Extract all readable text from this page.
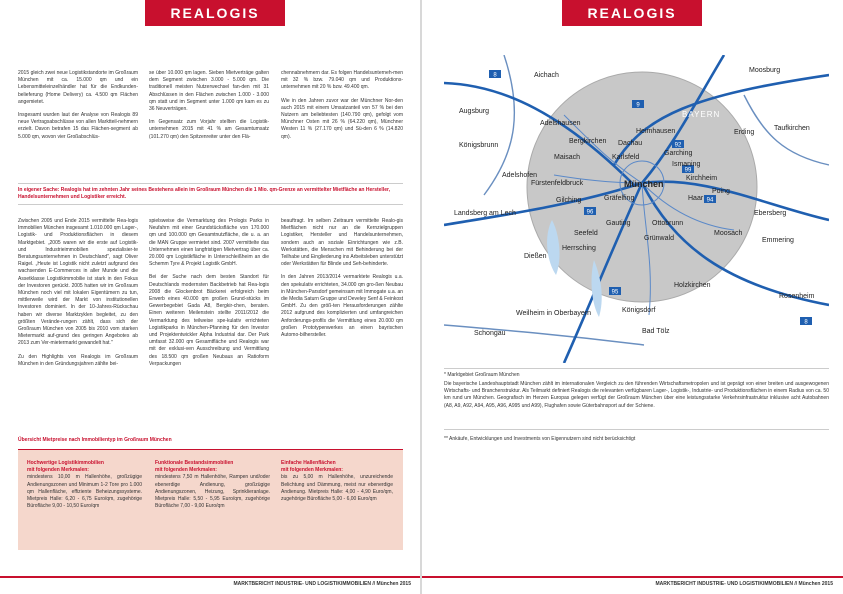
REALOGIS

2015 gleich zwei neue Logistikstandorte im Großraum München mit ca. 15.000 qm und ein Lebensmitteleinzelhändler hat für die Endkunden-belieferung (Home Delivery) ca. 4.500 qm Flächen angemietet.

Insgesamt wurden laut der Analyse von Realogis 89 neue Vertragsabschlüsse von allen Marktteil-nehmern erzielt. Davon betrafen 15 das Flächen-segment ab 5.000 qm, wovon vier Großabschlüs-

se über 10.000 qm lagen. Sieben Mietverträge galten dem Segment zwischen 3.000 - 5.000 qm. Die traditionell meisten Nutzerwechsel fan-den mit 31 Abschlüssen in den Flächen zwischen 1.000 - 3.000 qm statt und im Segment unter 1.000 qm kam es zu 36 Neuverträgen.

Im Gegensatz zum Vorjahr stellten die Logistik-unternehmen 2015 mit 41 % am Gesamtumsatz (101.270 qm) den Spitzenreiter unter den Flä-

chennabnehmern dar. Es folgen Handelsunterneh-men mit 32 % bzw. 79.040 qm und Produktions-unternehmen mit 20 % bzw. 49.400 qm.

Wie in den Jahren zuvor war der Münchner Nor-den auch 2015 mit einem Umsatzanteil von 57 % bei den Nutzern am beliebtesten (140.790 qm), gefolgt vom Münchner Osten mit 26 % (64.220 qm), Münchner Westen 11 % (27.170 qm) und Sü-den 6 % (14.820 qm).

In eigener Sache: Realogis hat im zehnten Jahr seines Bestehens allein im Großraum München die 1 Mio. qm-Grenze an vermittelter Mietfläche an Hersteller, Handelsunternehmen und Logistiker erreicht.

Zwischen 2005 und Ende 2015 vermittelte Rea-logis Immobilien München insgesamt 1.010.000 qm Lager-, Logistik- und Produktionsflächen in diesem Marktgebiet. „2005 waren wir die erste auf Logistik- und Industrieimmobilien spezialisier-te Beratungsunternehmen in Deutschland", sagt Oliver Raigel. „Heute ist Logistik nicht zuletzt aufgrund des wachsenden E-Commerces in aller Munde und die Assetklasse Logistikimmobilie ist stark in den Fokus der Investoren gerückt. 2005 hatten wir im Großraum München noch viel mit lokalen Eigentümern zu tun, mittlerweile wird der Markt von institutionellen Investoren dominiert. In der 10-Jahres-Rückschau haben wir diverse Marktzyklen begleitet, zu den größten Verände-rungen zählt, dass sich der Großraum München von 2005 bis 2010 vom starken Mietermarkt auf-grund des geringen Angebotes ab 2013 zum Ver-mietermarkt gewandelt hat."

Zu den Highlights von Realogis im Großraum München in den Gründungsjahren zählte bei-

spielsweise die Vermarktung des Prologis Parks in Neufahrn mit einer Grundstücksfläche von 170.000 qm und 100.000 qm Gesamtnutzfläche, die u. a. an die MAN Gruppe vermietet sind. 2007 vermittelte das Unternehmen einen langfristigen Mietvertrag über ca. 20.000 qm Logistikfläche in Unterschleißheim an die Schemm Tyre & Projekt Logistik GmbH.

Bei der Suche nach dem besten Standort für Deutschlands modernsten Backbetrieb hat Rea-logis 2008 die Glockenbrot Bäckerei erfolgreich beim Erwerb eines 40.000 qm großen Grund-stücks im Gewerbegebiet Gada A8, Bergkir-chen, beraten. Einen weiteren Meilenstein stellte 2011/2012 die Vermarktung des teilweise spe-kulativ errichteten Logistikparks in München-Pfanning für den Investor und Projektentwickler Alpha Industrial dar. Der Park umfasst 32.000 qm Gesamtfläche und Realogis war mit der exklusi-ven Ausschreibung und Vermittlung des 18.500 qm großen Neubaus an Ratioform Verpackungen

beauftragt. Im selben Zeitraum vermittelte Realo-gis Mietflächen nicht nur an die Kernzielgruppen Logistiker, Hersteller und Handelsunternehmen, sondern auch an soziale Einrichtungen wie z.B. Werkstätten, die Menschen mit Behinderung bei der Teilhabe und Eingliederung ins Arbeitsleben unterstützt oder Werkstätten für Blinde und Seh-behinderte.

In den Jahren 2013/2014 vermarktete Realogis u.a. den spekulativ errichteten, 34.000 qm gro-ßen Neubau in München-Parsdorf gemeinsam mit Immogate u.a. an die Media Saturn Gruppe und Develey Senf & Feinkost GmbH. Zu den größ-ten Herausforderungen zählte 2012 aufgrund des komplizierten und umfangreichen Anforderungs-profils die Vermittlung eines 20.000 qm großen Prototypenwerkes an einen bayrischen Automo-bilhersteller.

Übersicht Mietpreise nach Immobilientyp im Großraum München
Hochwertige Logistikimmobilien
mit folgenden Merkmalen:
mindestens 10,00 m Hallenhöhe, großzügige Andienungszonen und Minimum 1-2 Tore pro 1.000 qm Hallenfläche, effiziente Beheizungssysteme. Mietpreis Halle: 6,20 - 6,75 Euro/qm, zugehörige Bürofläche 9,00 - 10,50 Euro/qm
Funktionale Bestandsimmobilien
mit folgenden Merkmalen:
mindestens 7,50 m Hallenhöhe, Rampen und/oder ebenerdige Andienung, großzügige Andienungszonen, Heizung, Sprinklieranlage. Mietpreis Halle: 5,50 - 5,95 Euro/qm, zugehörige Bürofläche 7,00 - 9,00 Euro/qm
Einfache Hallenflächen
mit folgenden Merkmalen:
bis zu 5,00 m Hallenhöhe, unzureichende Belichtung und Dämmung, meist nur ebenerdige Andienung. Mietpreis Halle: 4,00 - 4,90 Euro/qm, zugehörige Bürofläche 5,00 - 6,00 Euro/qm
MARKTBERICHT INDUSTRIE- UND LOGISTIKIMMOBILIEN // München 2015
REALOGIS
9
92
99
94
96
95
8
8	Aichach
Moosburg
Augsburg	BAYERN
Adelshausen
Heimhausen	Taufkirchen
Königsbrunn
Erding
Bergkirchen Dachau
Maisach	Karlsfeld
Garching
Ismaning
Adelshofen
Fürstenfeldbruck	München
Kirchheim
Gilching	Gräfelfing	Haar
Poing
Landsberg am Lech
Gauting	Ottobrunn
Ebersberg
Seefeld
Grünwald
Moosach
Emmering
Dießen
Herrsching
Holzkirchen
Rosenheim
Königsdorf
Weilheim in Oberbayern
Schongau	Bad Tölz
* Marktgebiet Großraum München
Die bayerische Landeshauptstadt München zählt im internationalen Vergleich zu den führenden Wirtschaftsmetropolen und ist geprägt von einer breiten und ausgewogenen Wirtschafts- und Branchenstruktur. Als Teilmarkt definiert Realogis die relevanten verfügbaren Lager-, Logistik-, Industrie- und Produktionsflächen in einem Radius von ca. 50 km rund um München. Geografisch im Herzen Europas gelegen verfügt der Großraum München über eine leistungsstarke Verkehrsinfrastruktur inklusive acht Autobahnen (A8, A9, A92, A94, A95, A96, A995 und A99), Flughafen sowie Güterbahnsport auf der Schiene.
** Ankäufe, Entwicklungen und Investments von Eigennutzern sind nicht berücksichtigt
MARKTBERICHT INDUSTRIE- UND LOGISTIKIMMOBILIEN // München 2015
